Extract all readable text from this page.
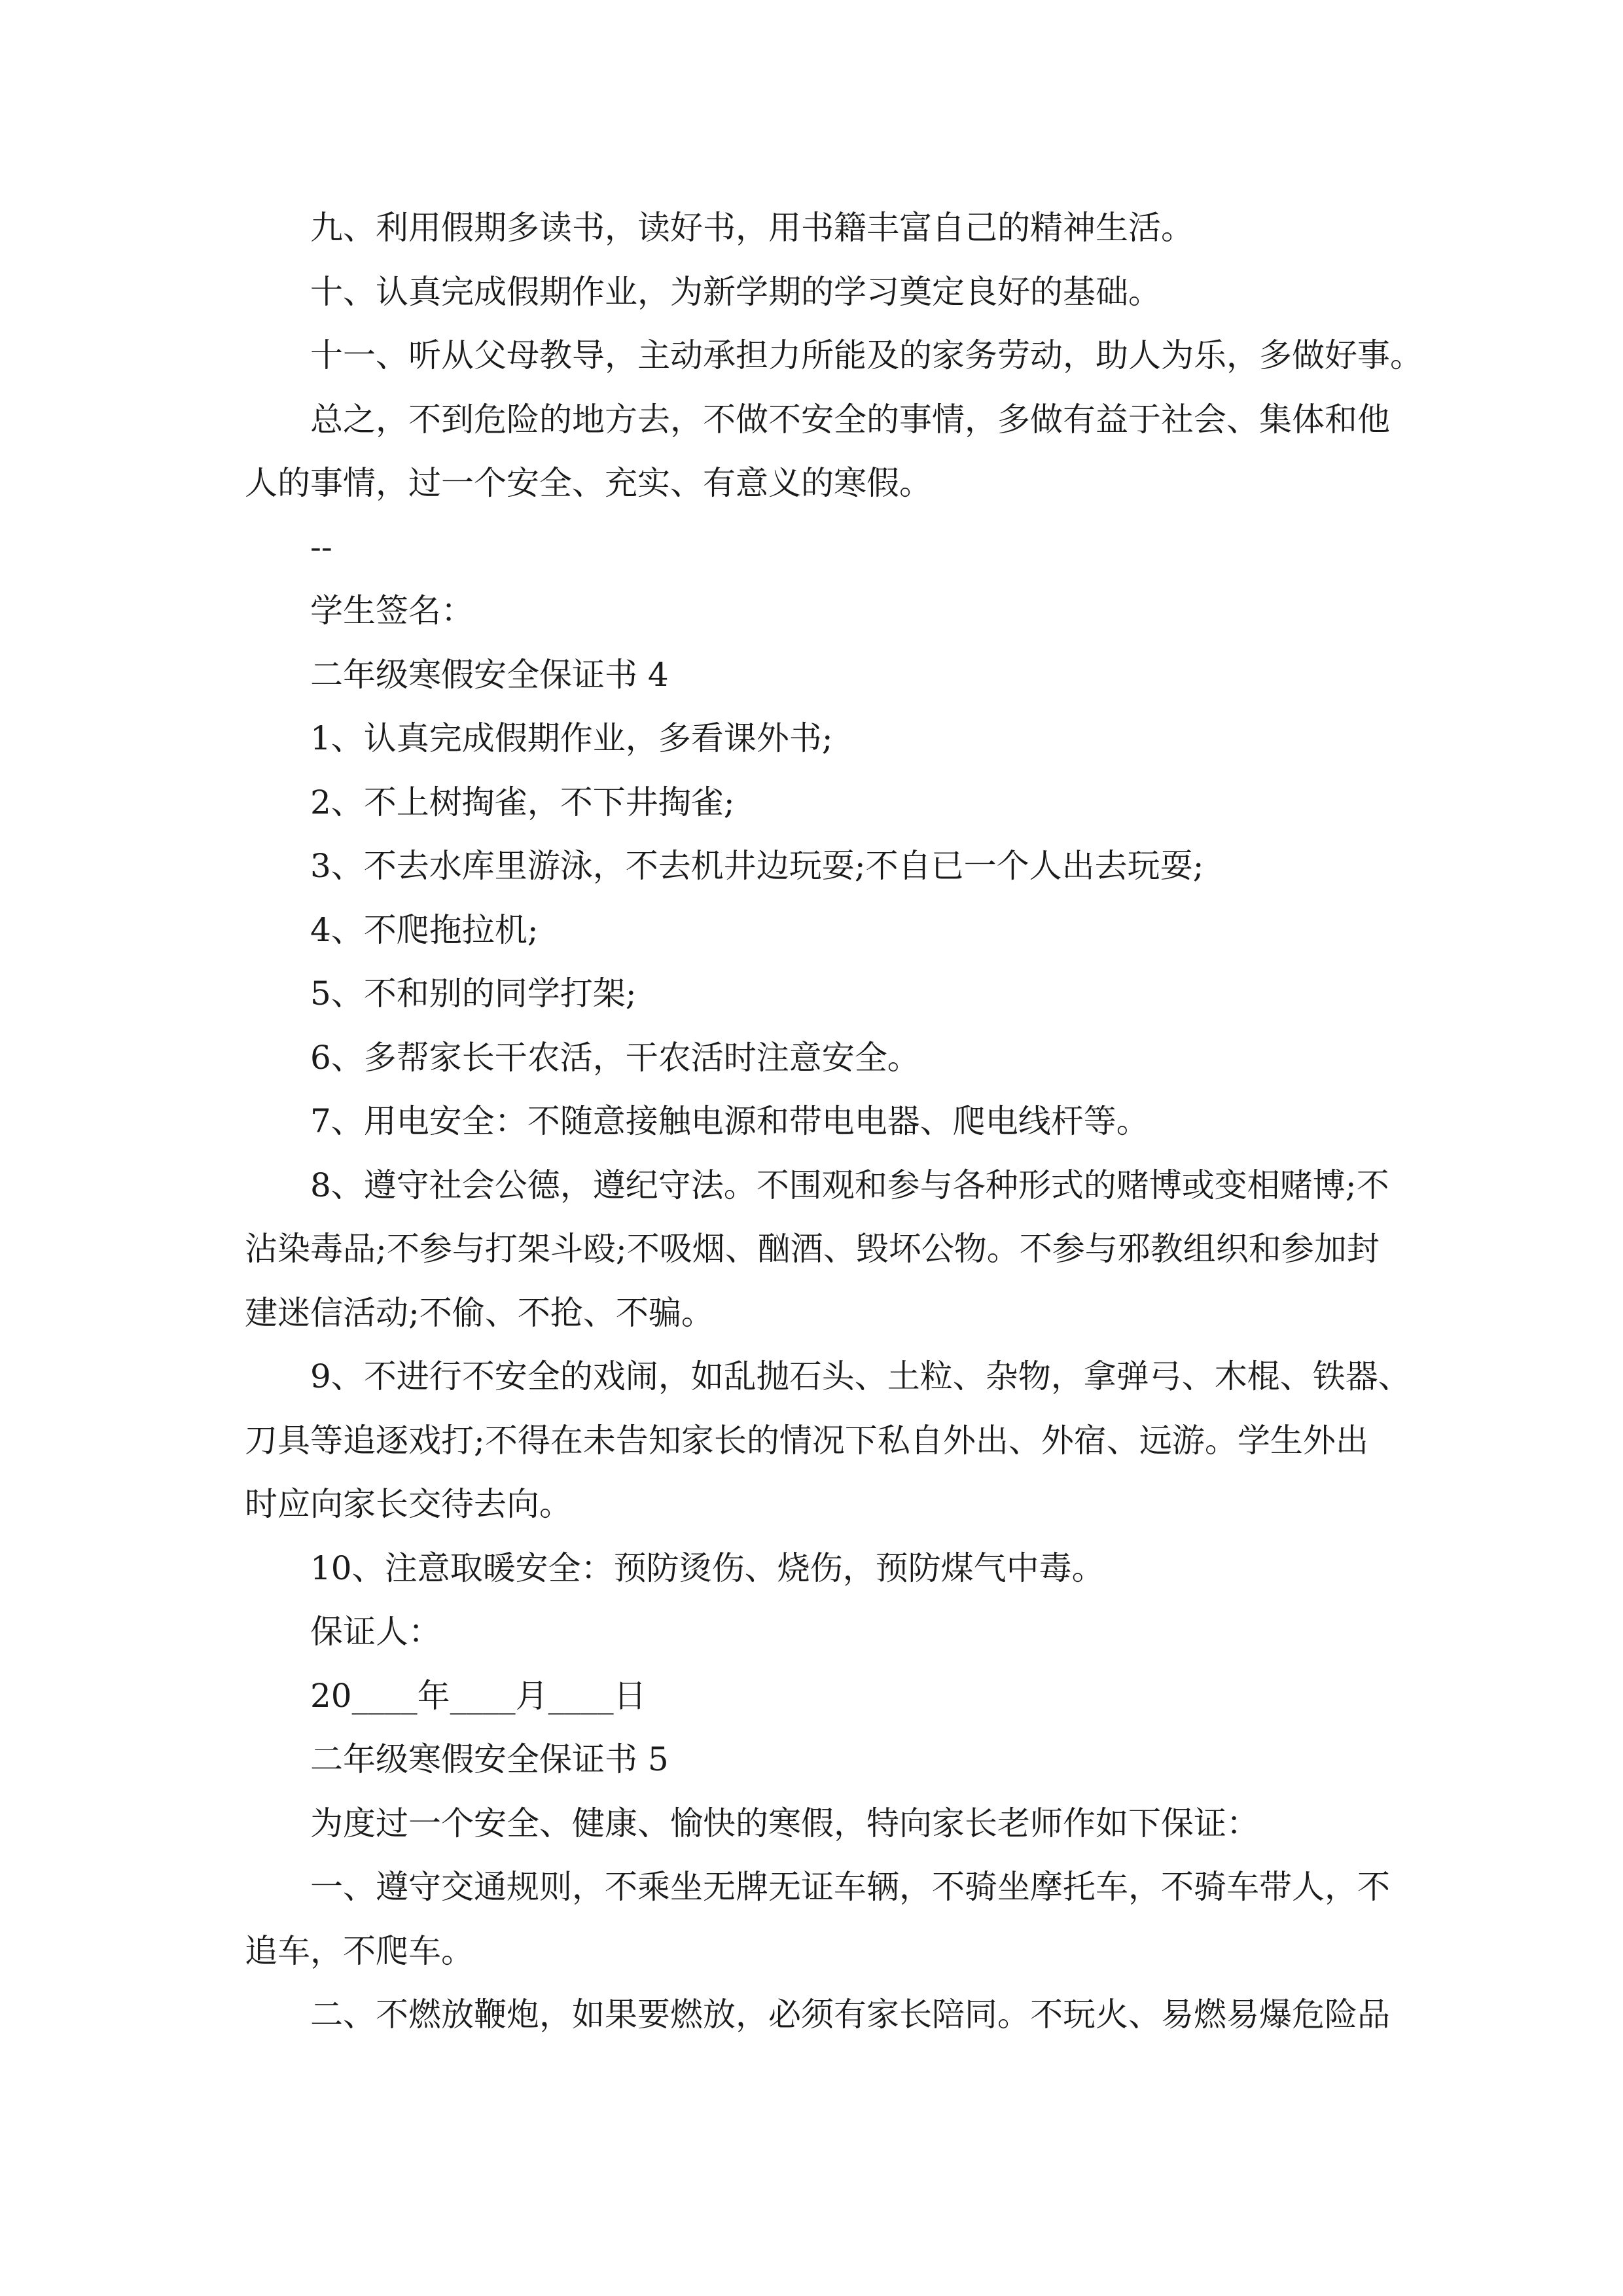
九、利用假期多读书，读好书，用书籍丰富自己的精神生活。

十、认真完成假期作业，为新学期的学习奠定良好的基础。

十一、听从父母教导，主动承担力所能及的家务劳动，助人为乐，多做好事。

总之，不到危险的地方去，不做不安全的事情，多做有益于社会、集体和他

人的事情，过一个安全、充实、有意义的寒假。

--

学生签名：

二年级寒假安全保证书 4

1、认真完成假期作业，多看课外书;

2、不上树掏雀，不下井掏雀;

3、不去水库里游泳，不去机井边玩耍;不自已一个人出去玩耍;

4、不爬拖拉机;

5、不和别的同学打架;

6、多帮家长干农活，干农活时注意安全。

7、用电安全：不随意接触电源和带电电器、爬电线杆等。

8、遵守社会公德，遵纪守法。不围观和参与各种形式的赌博或变相赌博;不

沾染毒品;不参与打架斗殴;不吸烟、酗酒、毁坏公物。不参与邪教组织和参加封

建迷信活动;不偷、不抢、不骗。

9、不进行不安全的戏闹，如乱抛石头、土粒、杂物，拿弹弓、木棍、铁器、

刀具等追逐戏打;不得在未告知家长的情况下私自外出、外宿、远游。学生外出

时应向家长交待去向。

10、注意取暖安全：预防烫伤、烧伤，预防煤气中毒。

保证人：

20____年____月____日

二年级寒假安全保证书 5

为度过一个安全、健康、愉快的寒假，特向家长老师作如下保证：

一、遵守交通规则，不乘坐无牌无证车辆，不骑坐摩托车，不骑车带人，不

追车，不爬车。

二、不燃放鞭炮，如果要燃放，必须有家长陪同。不玩火、易燃易爆危险品
